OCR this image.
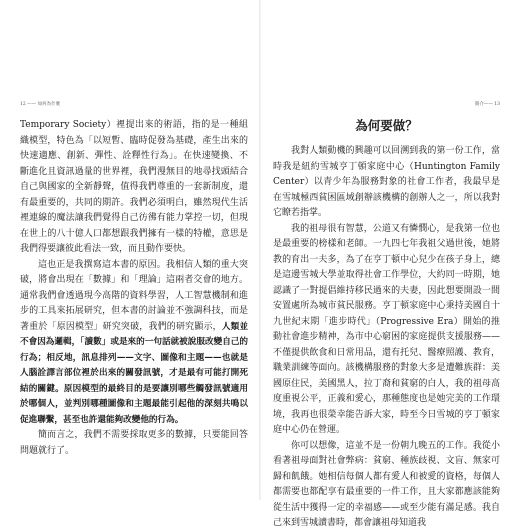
12 —— 如何為什麼	簡介—— 13

Temporary Society）裡提出來的術語，指的是一種組織模型，特色為「以短暫、臨時促發為基礎，產生出來的快速適應、創新、彈性、詮釋性行為」。在快速變換、不斷進化且資訊過量的世界裡，我們漫無目的地尋找頭結合自己與國家的全新靜聲，值得我們尊重的一套新制度，還有最重要的，共同的期許。我們必須明白，雖然現代生活裡連線的魔法讓我們覺得自己彷彿有能力掌控一切，但現在世上的八十億人口都想跟我們擁有一樣的特權，意思是我們得要讓彼此看法一致，而且動作要快。

這也正是我撰寫這本書的原因。我相信人類的重大突破，將會出現在「數據」和「理論」這兩者交會的地方。通常我們會透過現今高階的資料學習，人工智慧機制和進步的工具來拓展研究，但本書的討論並不強調科技，而是著重於「原因模型」研究突破，我們的研究顯示，人類並不會因為邏輯，「讀數」或是來的一句話就被說服改變自己的行為；相反地，訊息排列——文字、圖像和主題——也就是人腦詮譯言部位裡於出來的關發訊號，才是最有可能打開死結的關鍵。原因模型的最終目的是要讓別哪些觸發訊號適用於哪個人，並判別哪種圖像和主題最能引起他的深刻共鳴以促進聯繫，甚至也許還能夠改變他的行為。

簡而言之，我們不需要採取更多的數據，只要能回答問題就行了。

為何要做？

我對人類動機的興趣可以回溯到我的第一份工作，當時我是紐約雪城亨丁頓家庭中心（Huntington Family Center）以青少年為服務對象的社會工作者，我最早是在雪城極西貧困區域創辦該機構的創辦人之一，所以我對它瞭若指掌。

我的祖母很有智慧，公道又有憐憫心，是我第一位也是最重要的榜樣和老師。一九四七年我祖父過世後，她將教的育出一夫多，為了在亨丁頓中心兒少在孩子身上，總是這邊雪城大學並取得社會工作學位，大約同一時期，她認識了一對提倡維持移民過來的夫妻，因此想要開設一間安置處所為城市貧民服務。亨丁頓家庭中心秉持美國自十九世紀末期「進步時代」（Progressive Era）開始的推動社會進步精神，為市中心窮困的家庭提供支援服務——不僅提供飲食和日常用品，還有托兒、醫療照護、教育，職業訓練等面向。該機構服務的對象大多是遭難族群：美國原住民，美國黑人，拉丁裔和貧窮的白人，我的祖母高度重視公平，正義和愛心，那種態度也是她完美的工作環境，我再也很榮幸能告訴大家，時至今日雪城的亨丁頓家庭中心仍在營運。

你可以想像，這並不是一份朝九晚五的工作。我從小看著祖母面對社會弊病：貧窮、種族歧視、文盲、無家可歸和飢餓。她相信每個人都有愛人和被愛的資格，每個人都需要也都配享有最重要的一件工作，且大家都應該能夠從生活中獲得一定的幸福感——或至少能有滿足感。我自己來到雪城讀書時，都會讓祖母知道我
